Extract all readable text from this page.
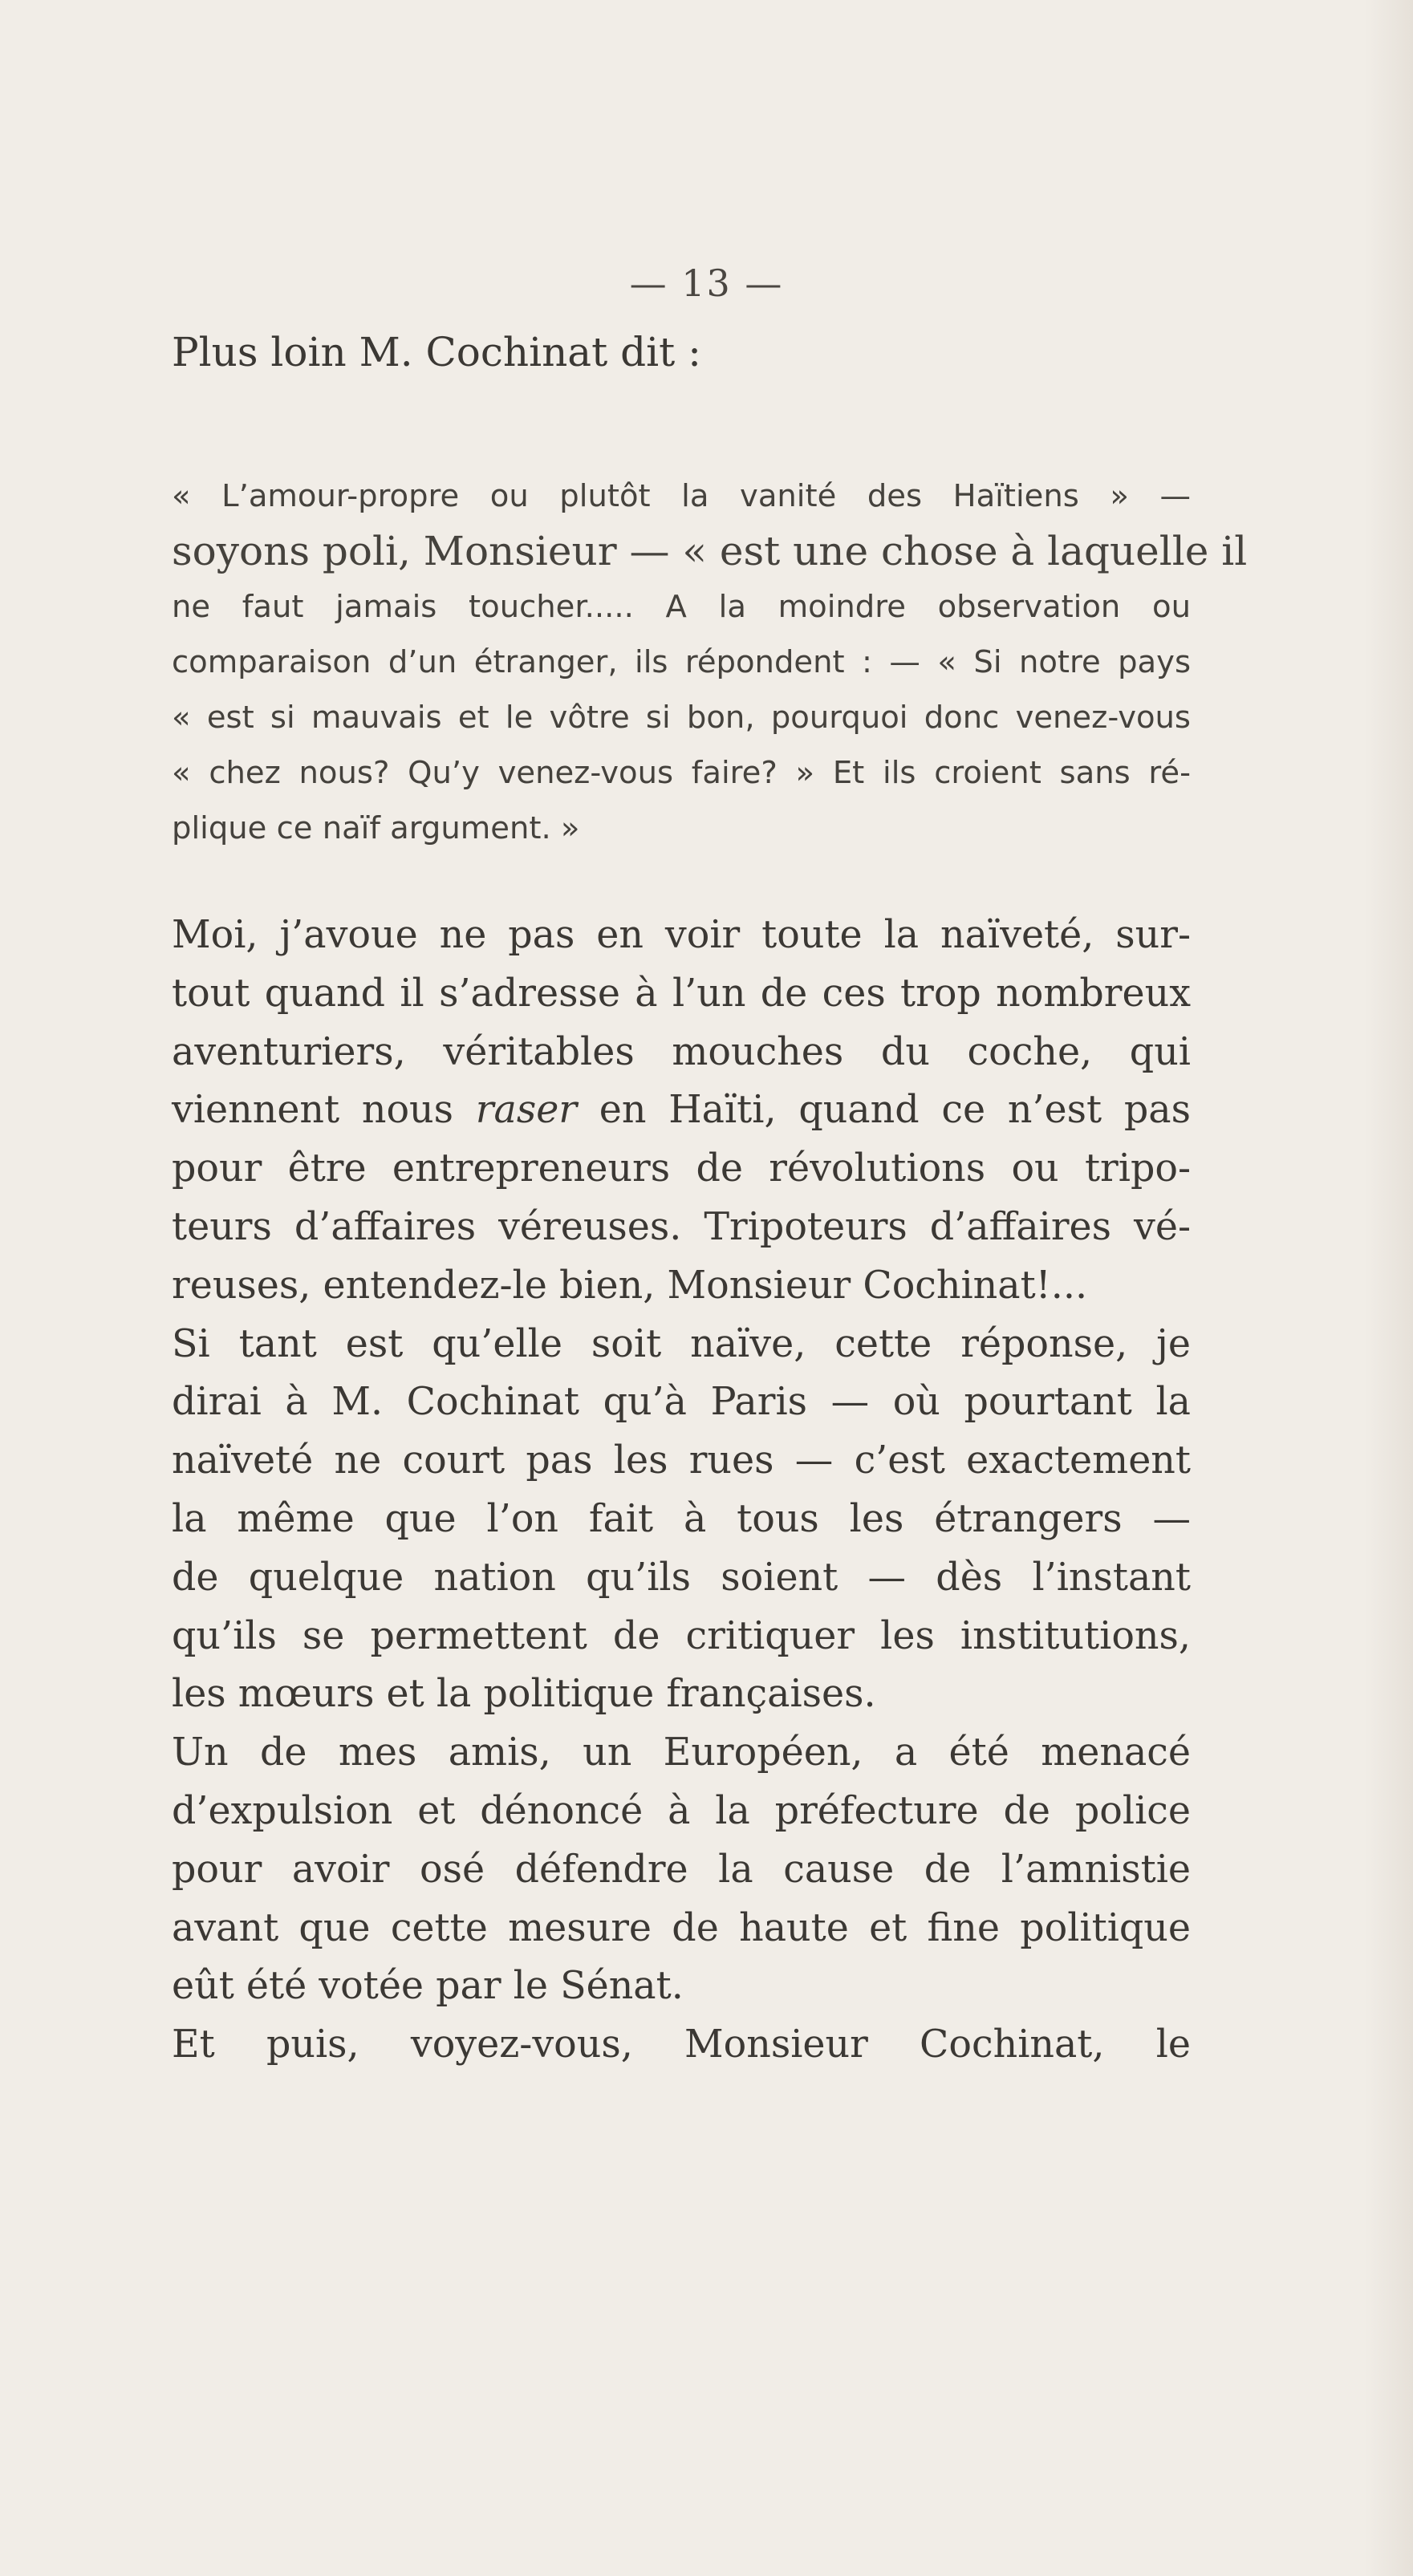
— 13 —
Plus loin M. Cochinat dit :
« L’amour-propre ou plutôt la vanité des Haïtiens » —
soyons poli, Monsieur — « est une chose à laquelle il
ne faut jamais toucher..... A la moindre observation ou
comparaison d’un étranger, ils répondent : — « Si notre pays
« est si mauvais et le vôtre si bon, pourquoi donc venez-vous
« chez nous? Qu’y venez-vous faire? » Et ils croient sans ré-
plique ce naïf argument. »
Moi, j’avoue ne pas en voir toute la naïveté, sur-
tout quand il s’adresse à l’un de ces trop nombreux
aventuriers, véritables mouches du coche, qui
viennent nous raser en Haïti, quand ce n’est pas
pour être entrepreneurs de révolutions ou tripo-
teurs d’affaires véreuses. Tripoteurs d’affaires vé-
reuses, entendez-le bien, Monsieur Cochinat!...
Si tant est qu’elle soit naïve, cette réponse, je
dirai à M. Cochinat qu’à Paris — où pourtant la
naïveté ne court pas les rues — c’est exactement
la même que l’on fait à tous les étrangers —
de quelque nation qu’ils soient — dès l’instant
qu’ils se permettent de critiquer les institutions,
les mœurs et la politique françaises.
Un de mes amis, un Européen, a été menacé
d’expulsion et dénoncé à la préfecture de police
pour avoir osé défendre la cause de l’amnistie
avant que cette mesure de haute et fine politique
eût été votée par le Sénat.
Et puis, voyez-vous, Monsieur Cochinat, le
